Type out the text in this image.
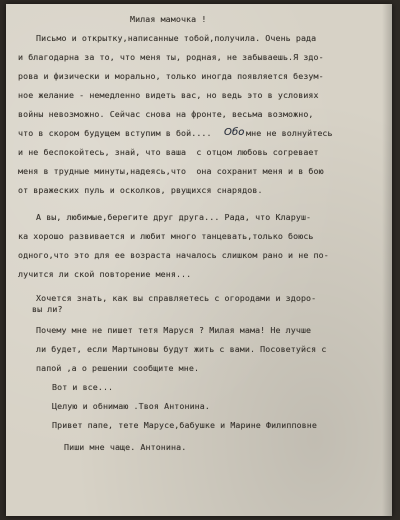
Милая мамочка !

Письмо и открытку,написанные тобой,получила. Очень рада

и благодарна за то, что меня ты, родная, не забываешь.Я здо-

рова и физически и морально, только иногда появляется безум-

ное желание - немедленно видеть вас, но ведь это в условиях

войны невозможно. Сейчас снова на фронте, весьма возможно,

что в скором будущем вступим в бой....

Обо

мне не волнуйтесь

и не беспокойтесь, знай, что ваша  с отцом любовь согревает

меня в трудные минуты,надеясь,что  она сохранит меня и в бою

от вражеских пуль и осколков, рвущихся снарядов.

А вы, любимые,берегите друг друга... Рада, что Кларуш-

ка хорошо развивается и любит много танцевать,только боюсь

одного,что это для ее возраста началось слишком рано и не по-

лучится ли ской повторение меня...

Хочется знать, как вы справляетесь с огородами и здоро-

вы ли?

Почему мне не пишет тетя Маруся ? Милая мама! Не лучше

ли будет, если Мартыновы будут жить с вами. Посоветуйся с

папой ,а о решении сообщите мне.

Вот и все...

Целую и обнимаю .Твоя Антонина.

Привет папе, тете Марусе,бабушке и Марине Филипповне

Пиши мне чаще. Антонина.
